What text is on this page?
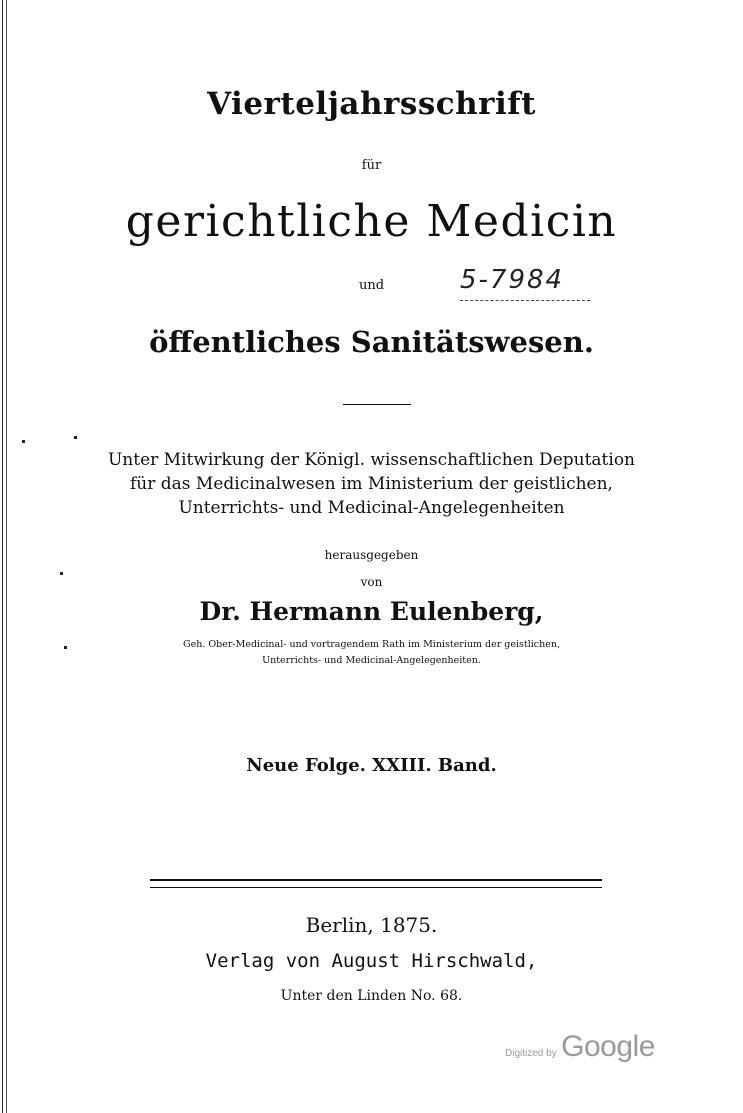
Vierteljahrsschrift
für
gerichtliche Medicin
und	5-7984
öffentliches Sanitätswesen.
Unter Mitwirkung der Königl. wissenschaftlichen Deputation
für das Medicinalwesen im Ministerium der geistlichen,
Unterrichts- und Medicinal-Angelegenheiten
herausgegeben
von
Dr. Hermann Eulenberg,
Geh. Ober-Medicinal- und vortragendem Rath im Ministerium der geistlichen,
Unterrichts- und Medicinal-Angelegenheiten.
Neue Folge. XXIII. Band.
Berlin, 1875.
Verlag von August Hirschwald,
Unter den Linden No. 68.
Digitized by Google
